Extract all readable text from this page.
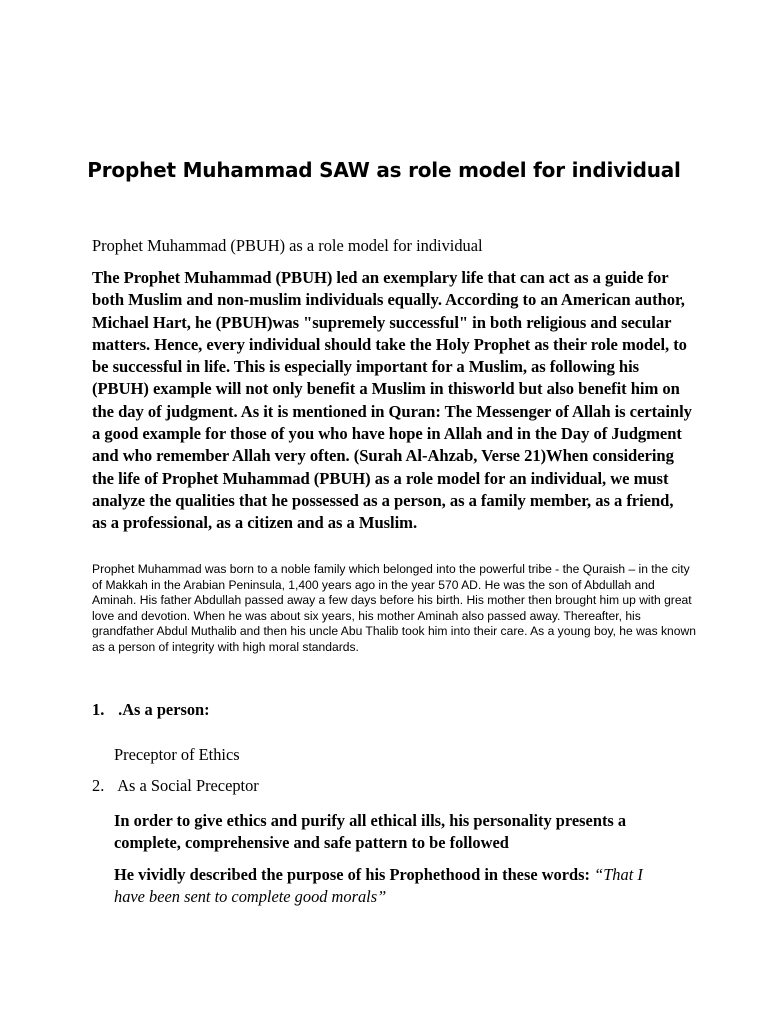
Prophet Muhammad SAW as role model for individual

Prophet Muhammad (PBUH) as a role model for individual

The Prophet Muhammad (PBUH) led an exemplary life that can act as a guide for both Muslim and non-muslim individuals equally. According to an American author, Michael Hart, he (PBUH)was "supremely successful" in both religious and secular matters. Hence, every individual should take the Holy Prophet as their role model, to be successful in life. This is especially important for a Muslim, as following his (PBUH) example will not only benefit a Muslim in thisworld but also benefit him on the day of judgment. As it is mentioned in Quran: The Messenger of Allah is certainly a good example for those of you who have hope in Allah and in the Day of Judgment and who remember Allah very often. (Surah Al-Ahzab, Verse 21)When considering the life of Prophet Muhammad (PBUH) as a role model for an individual, we must analyze the qualities that he possessed as a person, as a family member, as a friend, as a professional, as a citizen and as a Muslim.

Prophet Muhammad was born to a noble family which belonged into the powerful tribe - the Quraish – in the city of Makkah in the Arabian Peninsula, 1,400 years ago in the year 570 AD. He was the son of Abdullah and Aminah. His father Abdullah passed away a few days before his birth. His mother then brought him up with great love and devotion. When he was about six years, his mother Aminah also passed away. Thereafter, his grandfather Abdul Muthalib and then his uncle Abu Thalib took him into their care. As a young boy, he was known as a person of integrity with high moral standards.

1. .As a person:

Preceptor of Ethics

2. As a Social Preceptor

In order to give ethics and purify all ethical ills, his personality presents a complete, comprehensive and safe pattern to be followed

He vividly described the purpose of his Prophethood in these words: “That I have been sent to complete good morals”
